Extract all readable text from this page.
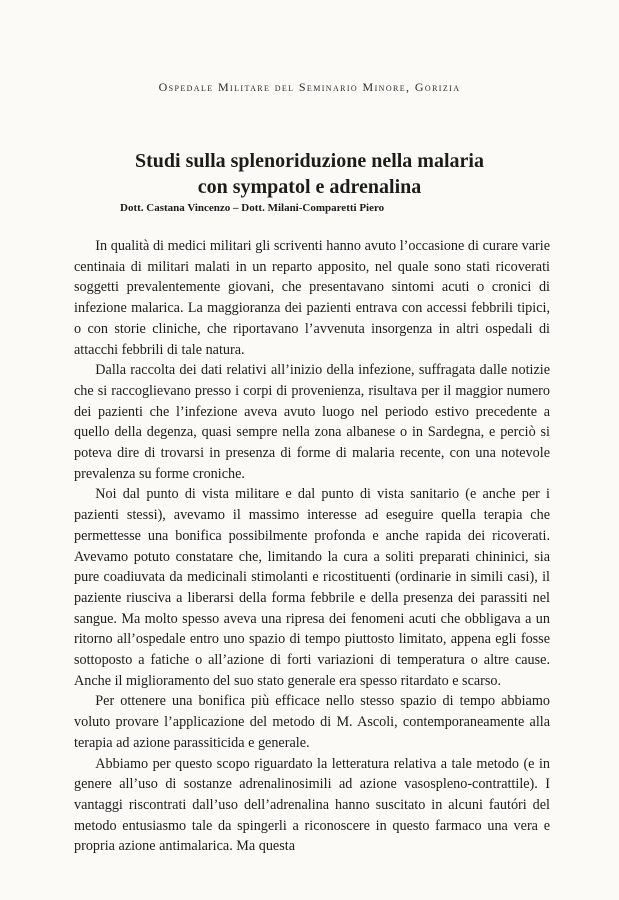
Ospedale Militare del Seminario Minore, Gorizia
Studi sulla splenoriduzione nella malaria
con sympatol e adrenalina
Dott. Castana Vincenzo – Dott. Milani-Comparetti Piero

In qualità di medici militari gli scriventi hanno avuto l’occasione di curare varie centinaia di militari malati in un reparto apposito, nel quale sono stati ricoverati soggetti prevalentemente giovani, che presentavano sintomi acuti o cronici di infezione malarica. La maggioranza dei pazienti entrava con accessi febbrili tipici, o con storie cliniche, che riportavano l’avvenuta insorgenza in altri ospedali di attacchi febbrili di tale natura.

Dalla raccolta dei dati relativi all’inizio della infezione, suffragata dalle notizie che si raccoglievano presso i corpi di provenienza, risultava per il maggior numero dei pazienti che l’infezione aveva avuto luogo nel periodo estivo precedente a quello della degenza, quasi sempre nella zona albanese o in Sardegna, e perciò si poteva dire di trovarsi in presenza di forme di malaria recente, con una notevole prevalenza su forme croniche.

Noi dal punto di vista militare e dal punto di vista sanitario (e anche per i pazienti stessi), avevamo il massimo interesse ad eseguire quella terapia che permettesse una bonifica possibilmente profonda e anche rapida dei ricoverati. Avevamo potuto constatare che, limitando la cura a soliti preparati chininici, sia pure coadiuvata da medicinali stimolanti e ricostituenti (ordinarie in simili casi), il paziente riusciva a liberarsi della forma febbrile e della presenza dei parassiti nel sangue. Ma molto spesso aveva una ripresa dei fenomeni acuti che obbligava a un ritorno all’ospedale entro uno spazio di tempo piuttosto limitato, appena egli fosse sottoposto a fatiche o all’azione di forti variazioni di temperatura o altre cause. Anche il miglioramento del suo stato generale era spesso ritardato e scarso.

Per ottenere una bonifica più efficace nello stesso spazio di tempo abbiamo voluto provare l’applicazione del metodo di M. Ascoli, contemporaneamente alla terapia ad azione parassiticida e generale.

Abbiamo per questo scopo riguardato la letteratura relativa a tale metodo (e in genere all’uso di sostanze adrenalinosimili ad azione vasospleno-contrattile). I vantaggi riscontrati dall’uso dell’adrenalina hanno suscitato in alcuni fautóri del metodo entusiasmo tale da spingerli a riconoscere in questo farmaco una vera e propria azione antimalarica. Ma questa
